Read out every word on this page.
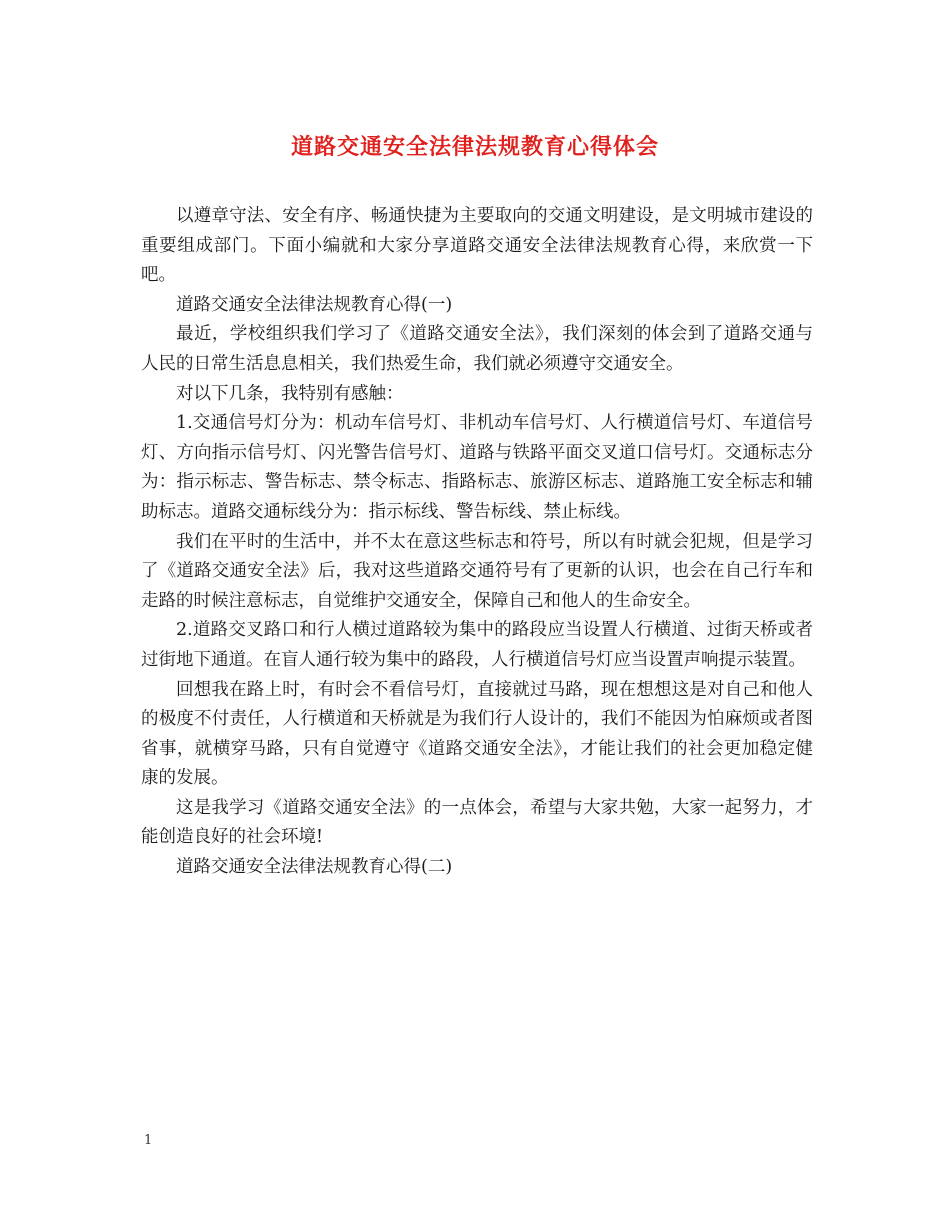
道路交通安全法律法规教育心得体会

以遵章守法、安全有序、畅通快捷为主要取向的交通文明建设，是文明城市建设的重要组成部门。下面小编就和大家分享道路交通安全法律法规教育心得，来欣赏一下吧。

道路交通安全法律法规教育心得(一)

最近，学校组织我们学习了《道路交通安全法》，我们深刻的体会到了道路交通与人民的日常生活息息相关，我们热爱生命，我们就必须遵守交通安全。

对以下几条，我特别有感触：

1.交通信号灯分为：机动车信号灯、非机动车信号灯、人行横道信号灯、车道信号灯、方向指示信号灯、闪光警告信号灯、道路与铁路平面交叉道口信号灯。交通标志分为：指示标志、警告标志、禁令标志、指路标志、旅游区标志、道路施工安全标志和辅助标志。道路交通标线分为：指示标线、警告标线、禁止标线。

我们在平时的生活中，并不太在意这些标志和符号，所以有时就会犯规，但是学习了《道路交通安全法》后，我对这些道路交通符号有了更新的认识，也会在自己行车和走路的时候注意标志，自觉维护交通安全，保障自己和他人的生命安全。

2.道路交叉路口和行人横过道路较为集中的路段应当设置人行横道、过街天桥或者过街地下通道。在盲人通行较为集中的路段，人行横道信号灯应当设置声响提示装置。

回想我在路上时，有时会不看信号灯，直接就过马路，现在想想这是对自己和他人的极度不付责任，人行横道和天桥就是为我们行人设计的，我们不能因为怕麻烦或者图省事，就横穿马路，只有自觉遵守《道路交通安全法》，才能让我们的社会更加稳定健康的发展。

这是我学习《道路交通安全法》的一点体会，希望与大家共勉，大家一起努力，才能创造良好的社会环境!

道路交通安全法律法规教育心得(二)

1
